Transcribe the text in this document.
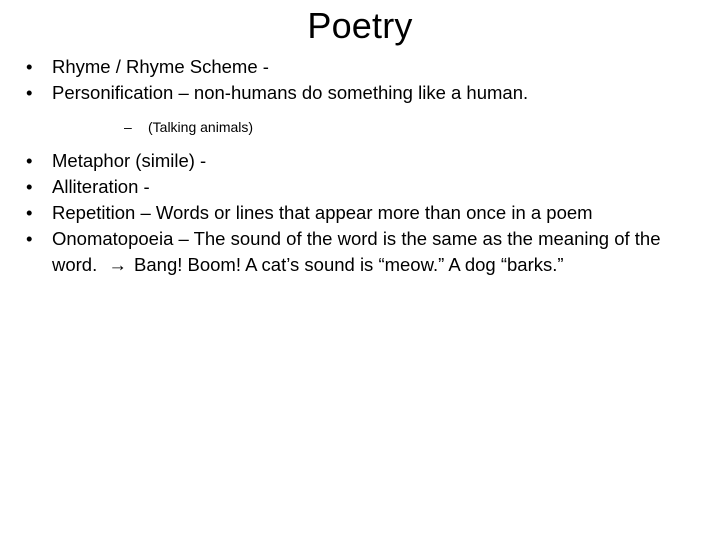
Poetry
•	Rhyme / Rhyme Scheme -
•	Personification – non-humans do something like a human.
– (Talking animals)
•	Metaphor (simile) -
•	Alliteration -
•	Repetition – Words or lines that appear more than once in a poem
•	Onomatopoeia – The sound of the word is the same as the meaning of the word. → Bang! Boom! A cat’s sound is “meow.” A dog “barks.”
